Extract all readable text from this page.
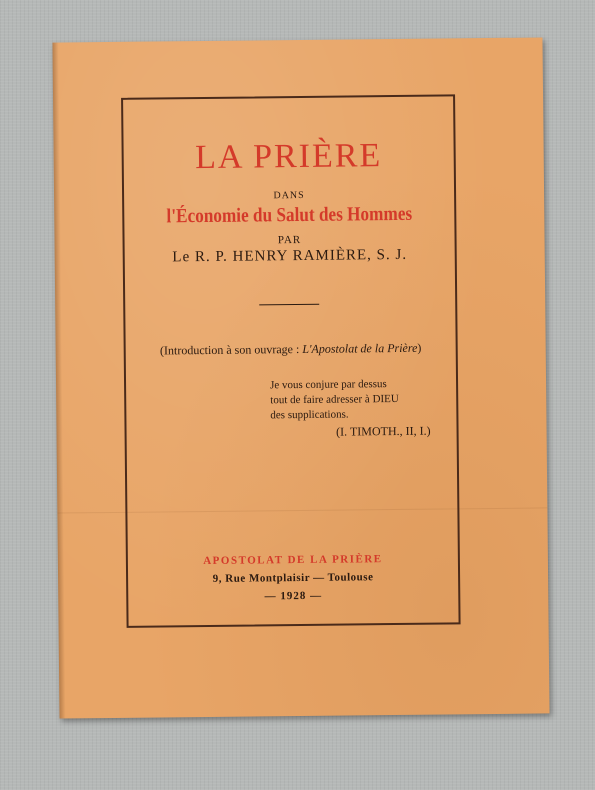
LA PRIÈRE
DANS
l'Économie du Salut des Hommes
PAR
Le R. P. HENRY RAMIÈRE, S. J.
(Introduction à son ouvrage : L'Apostolat de la Prière)
Je vous conjure par dessus
tout de faire adresser à DIEU
des supplications.
(I. TIMOTH., II, I.)
APOSTOLAT DE LA PRIÈRE
9, Rue Montplaisir — Toulouse
— 1928 —
